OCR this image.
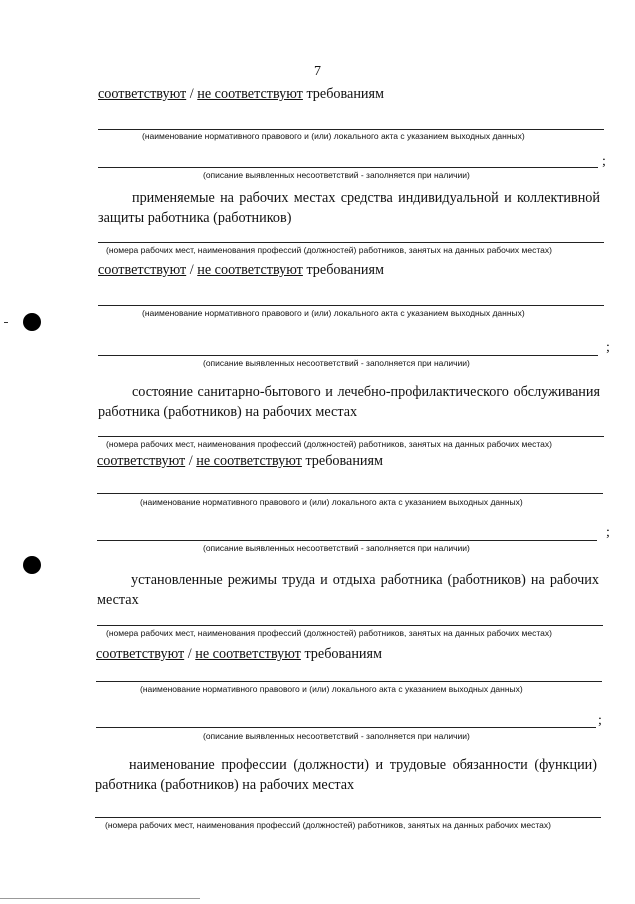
7
соответствуют / не соответствуют требованиям
(наименование нормативного правового и (или) локального акта с указанием выходных данных)
;
(описание выявленных несоответствий - заполняется при наличии)
применяемые на рабочих местах средства индивидуальной и коллективной защиты работника (работников)
(номера рабочих мест, наименования профессий (должностей) работников, занятых на данных рабочих местах)
соответствуют / не соответствуют требованиям
(наименование нормативного правового и (или) локального акта с указанием выходных данных)
;
(описание выявленных несоответствий - заполняется при наличии)
состояние санитарно-бытового и лечебно-профилактического обслуживания работника (работников) на рабочих местах
(номера рабочих мест, наименования профессий (должностей) работников, занятых на данных рабочих местах)
соответствуют / не соответствуют требованиям
(наименование нормативного правового и (или) локального акта с указанием выходных данных)
;
(описание выявленных несоответствий - заполняется при наличии)
установленные режимы труда и отдыха работника (работников) на рабочих местах
(номера рабочих мест, наименования профессий (должностей) работников, занятых на данных рабочих местах)
соответствуют / не соответствуют требованиям
(наименование нормативного правового и (или) локального акта с указанием выходных данных)
;
(описание выявленных несоответствий - заполняется при наличии)
наименование профессии (должности) и трудовые обязанности (функции) работника (работников) на рабочих местах
(номера рабочих мест, наименования профессий (должностей) работников, занятых на данных рабочих местах)
